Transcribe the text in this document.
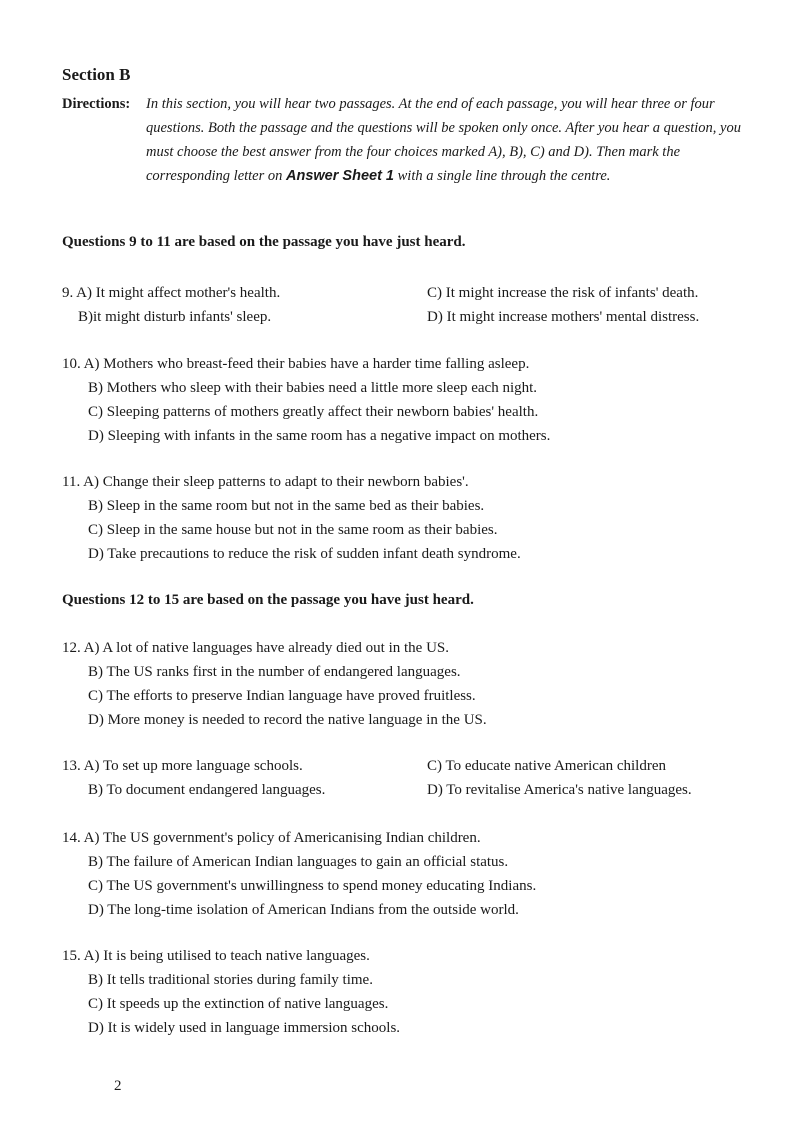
Section B
Directions: In this section, you will hear two passages. At the end of each passage, you will hear three or four questions. Both the passage and the questions will be spoken only once. After you hear a question, you must choose the best answer from the four choices marked A), B), C) and D). Then mark the corresponding letter on Answer Sheet 1 with a single line through the centre.
Questions 9 to 11 are based on the passage you have just heard.
9. A) It might affect mother's health.	C) It might increase the risk of infants' death.
B)it might disturb infants' sleep.	D) It might increase mothers' mental distress.
10. A) Mothers who breast-feed their babies have a harder time falling asleep.
B) Mothers who sleep with their babies need a little more sleep each night.
C) Sleeping patterns of mothers greatly affect their newborn babies' health.
D) Sleeping with infants in the same room has a negative impact on mothers.
11. A) Change their sleep patterns to adapt to their newborn babies'.
B) Sleep in the same room but not in the same bed as their babies.
C) Sleep in the same house but not in the same room as their babies.
D) Take precautions to reduce the risk of sudden infant death syndrome.
Questions 12 to 15 are based on the passage you have just heard.
12. A) A lot of native languages have already died out in the US.
B) The US ranks first in the number of endangered languages.
C) The efforts to preserve Indian language have proved fruitless.
D) More money is needed to record the native language in the US.
13. A) To set up more language schools.	C) To educate native American children
B) To document endangered languages.	D) To revitalise America's native languages.
14. A) The US government's policy of Americanising Indian children.
B) The failure of American Indian languages to gain an official status.
C) The US government's unwillingness to spend money educating Indians.
D) The long-time isolation of American Indians from the outside world.
15. A) It is being utilised to teach native languages.
B) It tells traditional stories during family time.
C) It speeds up the extinction of native languages.
D) It is widely used in language immersion schools.
2
